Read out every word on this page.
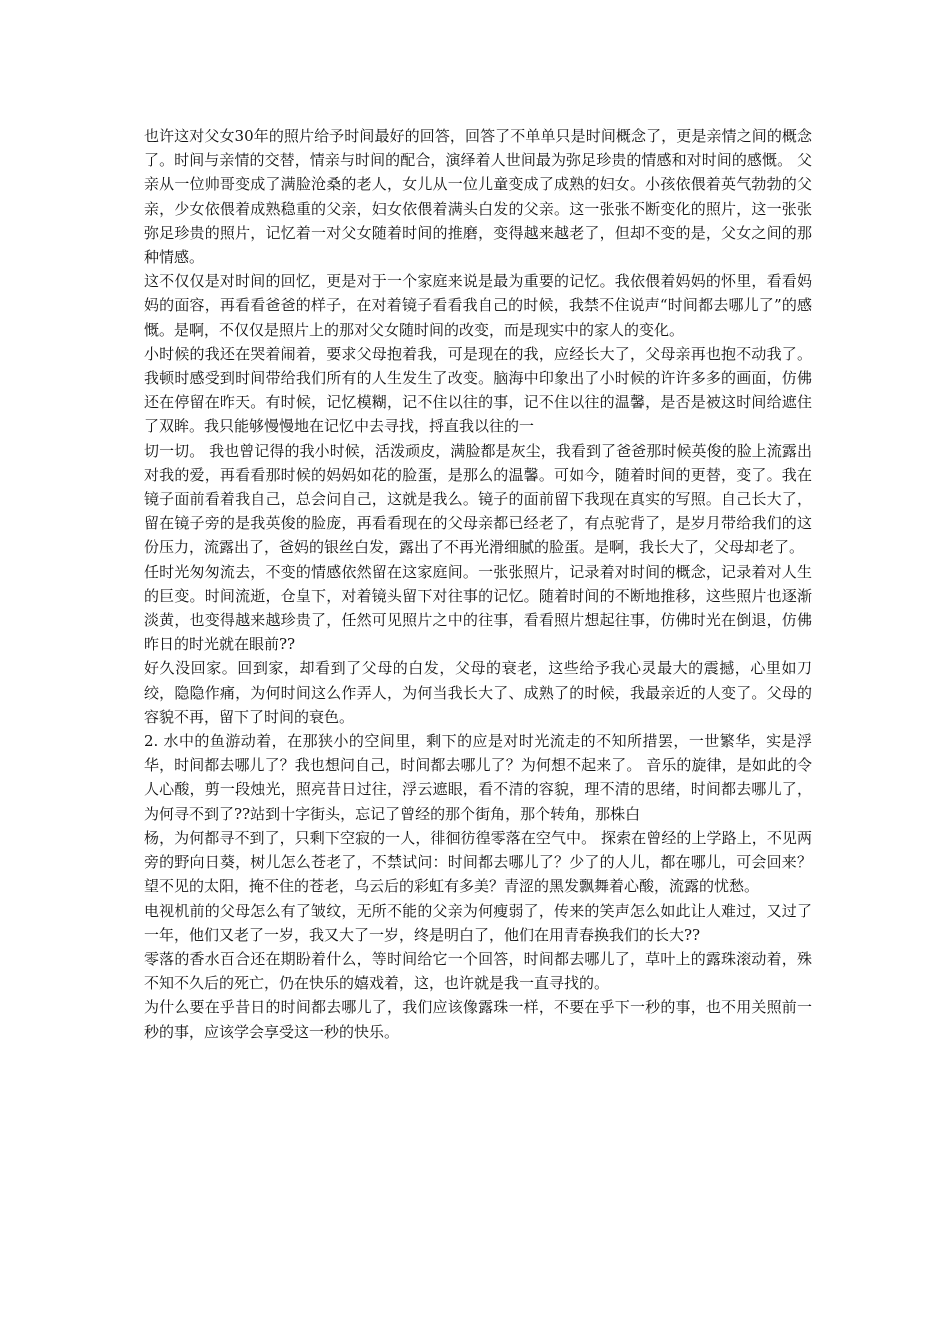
也许这对父女30年的照片给予时间最好的回答，回答了不单单只是时间概念了，更是亲情之间的概念了。时间与亲情的交替，情亲与时间的配合，演绎着人世间最为弥足珍贵的情感和对时间的感慨。 父亲从一位帅哥变成了满脸沧桑的老人，女儿从一位儿童变成了成熟的妇女。小孩依偎着英气勃勃的父亲，少女依偎着成熟稳重的父亲，妇女依偎着满头白发的父亲。这一张张不断变化的照片，这一张张弥足珍贵的照片，记忆着一对父女随着时间的推磨，变得越来越老了，但却不变的是，父女之间的那种情感。

这不仅仅是对时间的回忆，更是对于一个家庭来说是最为重要的记忆。我依偎着妈妈的怀里，看看妈妈的面容，再看看爸爸的样子，在对着镜子看看我自己的时候，我禁不住说声“时间都去哪儿了”的感慨。是啊，不仅仅是照片上的那对父女随时间的改变，而是现实中的家人的变化。

小时候的我还在哭着闹着，要求父母抱着我，可是现在的我，应经长大了，父母亲再也抱不动我了。我顿时感受到时间带给我们所有的人生发生了改变。脑海中印象出了小时候的许许多多的画面，仿佛还在停留在昨天。有时候，记忆模糊，记不住以往的事，记不住以往的温馨，是否是被这时间给遮住了双眸。我只能够慢慢地在记忆中去寻找，捋直我以往的一

切一切。 我也曾记得的我小时候，活泼顽皮，满脸都是灰尘，我看到了爸爸那时候英俊的脸上流露出对我的爱，再看看那时候的妈妈如花的脸蛋，是那么的温馨。可如今，随着时间的更替，变了。我在镜子面前看着我自己，总会问自己，这就是我么。镜子的面前留下我现在真实的写照。自己长大了，留在镜子旁的是我英俊的脸庞，再看看现在的父母亲都已经老了，有点驼背了，是岁月带给我们的这份压力，流露出了，爸妈的银丝白发，露出了不再光滑细腻的脸蛋。是啊，我长大了，父母却老了。

任时光匆匆流去，不变的情感依然留在这家庭间。一张张照片，记录着对时间的概念，记录着对人生的巨变。时间流逝，仓皇下，对着镜头留下对往事的记忆。随着时间的不断地推移，这些照片也逐渐淡黄，也变得越来越珍贵了，任然可见照片之中的往事，看看照片想起往事，仿佛时光在倒退，仿佛昨日的时光就在眼前??

好久没回家。回到家，却看到了父母的白发，父母的衰老，这些给予我心灵最大的震撼，心里如刀绞，隐隐作痛，为何时间这么作弄人，为何当我长大了、成熟了的时候，我最亲近的人变了。父母的容貌不再，留下了时间的衰色。

2. 水中的鱼游动着，在那狭小的空间里，剩下的应是对时光流走的不知所措罢，一世繁华，实是浮华，时间都去哪儿了？我也想问自己，时间都去哪儿了？为何想不起来了。 音乐的旋律，是如此的令人心酸，剪一段烛光，照亮昔日过往，浮云遮眼，看不清的容貌，理不清的思绪，时间都去哪儿了，为何寻不到了??站到十字街头，忘记了曾经的那个街角，那个转角，那株白

杨，为何都寻不到了，只剩下空寂的一人，徘徊彷徨零落在空气中。 探索在曾经的上学路上，不见两旁的野向日葵，树儿怎么苍老了，不禁试问：时间都去哪儿了？少了的人儿，都在哪儿，可会回来？望不见的太阳，掩不住的苍老，乌云后的彩虹有多美？青涩的黑发飘舞着心酸，流露的忧愁。

电视机前的父母怎么有了皱纹，无所不能的父亲为何瘦弱了，传来的笑声怎么如此让人难过，又过了一年，他们又老了一岁，我又大了一岁，终是明白了，他们在用青春换我们的长大??

零落的香水百合还在期盼着什么，等时间给它一个回答，时间都去哪儿了，草叶上的露珠滚动着，殊不知不久后的死亡，仍在快乐的嬉戏着，这，也许就是我一直寻找的。

为什么要在乎昔日的时间都去哪儿了，我们应该像露珠一样，不要在乎下一秒的事，也不用关照前一秒的事，应该学会享受这一秒的快乐。
